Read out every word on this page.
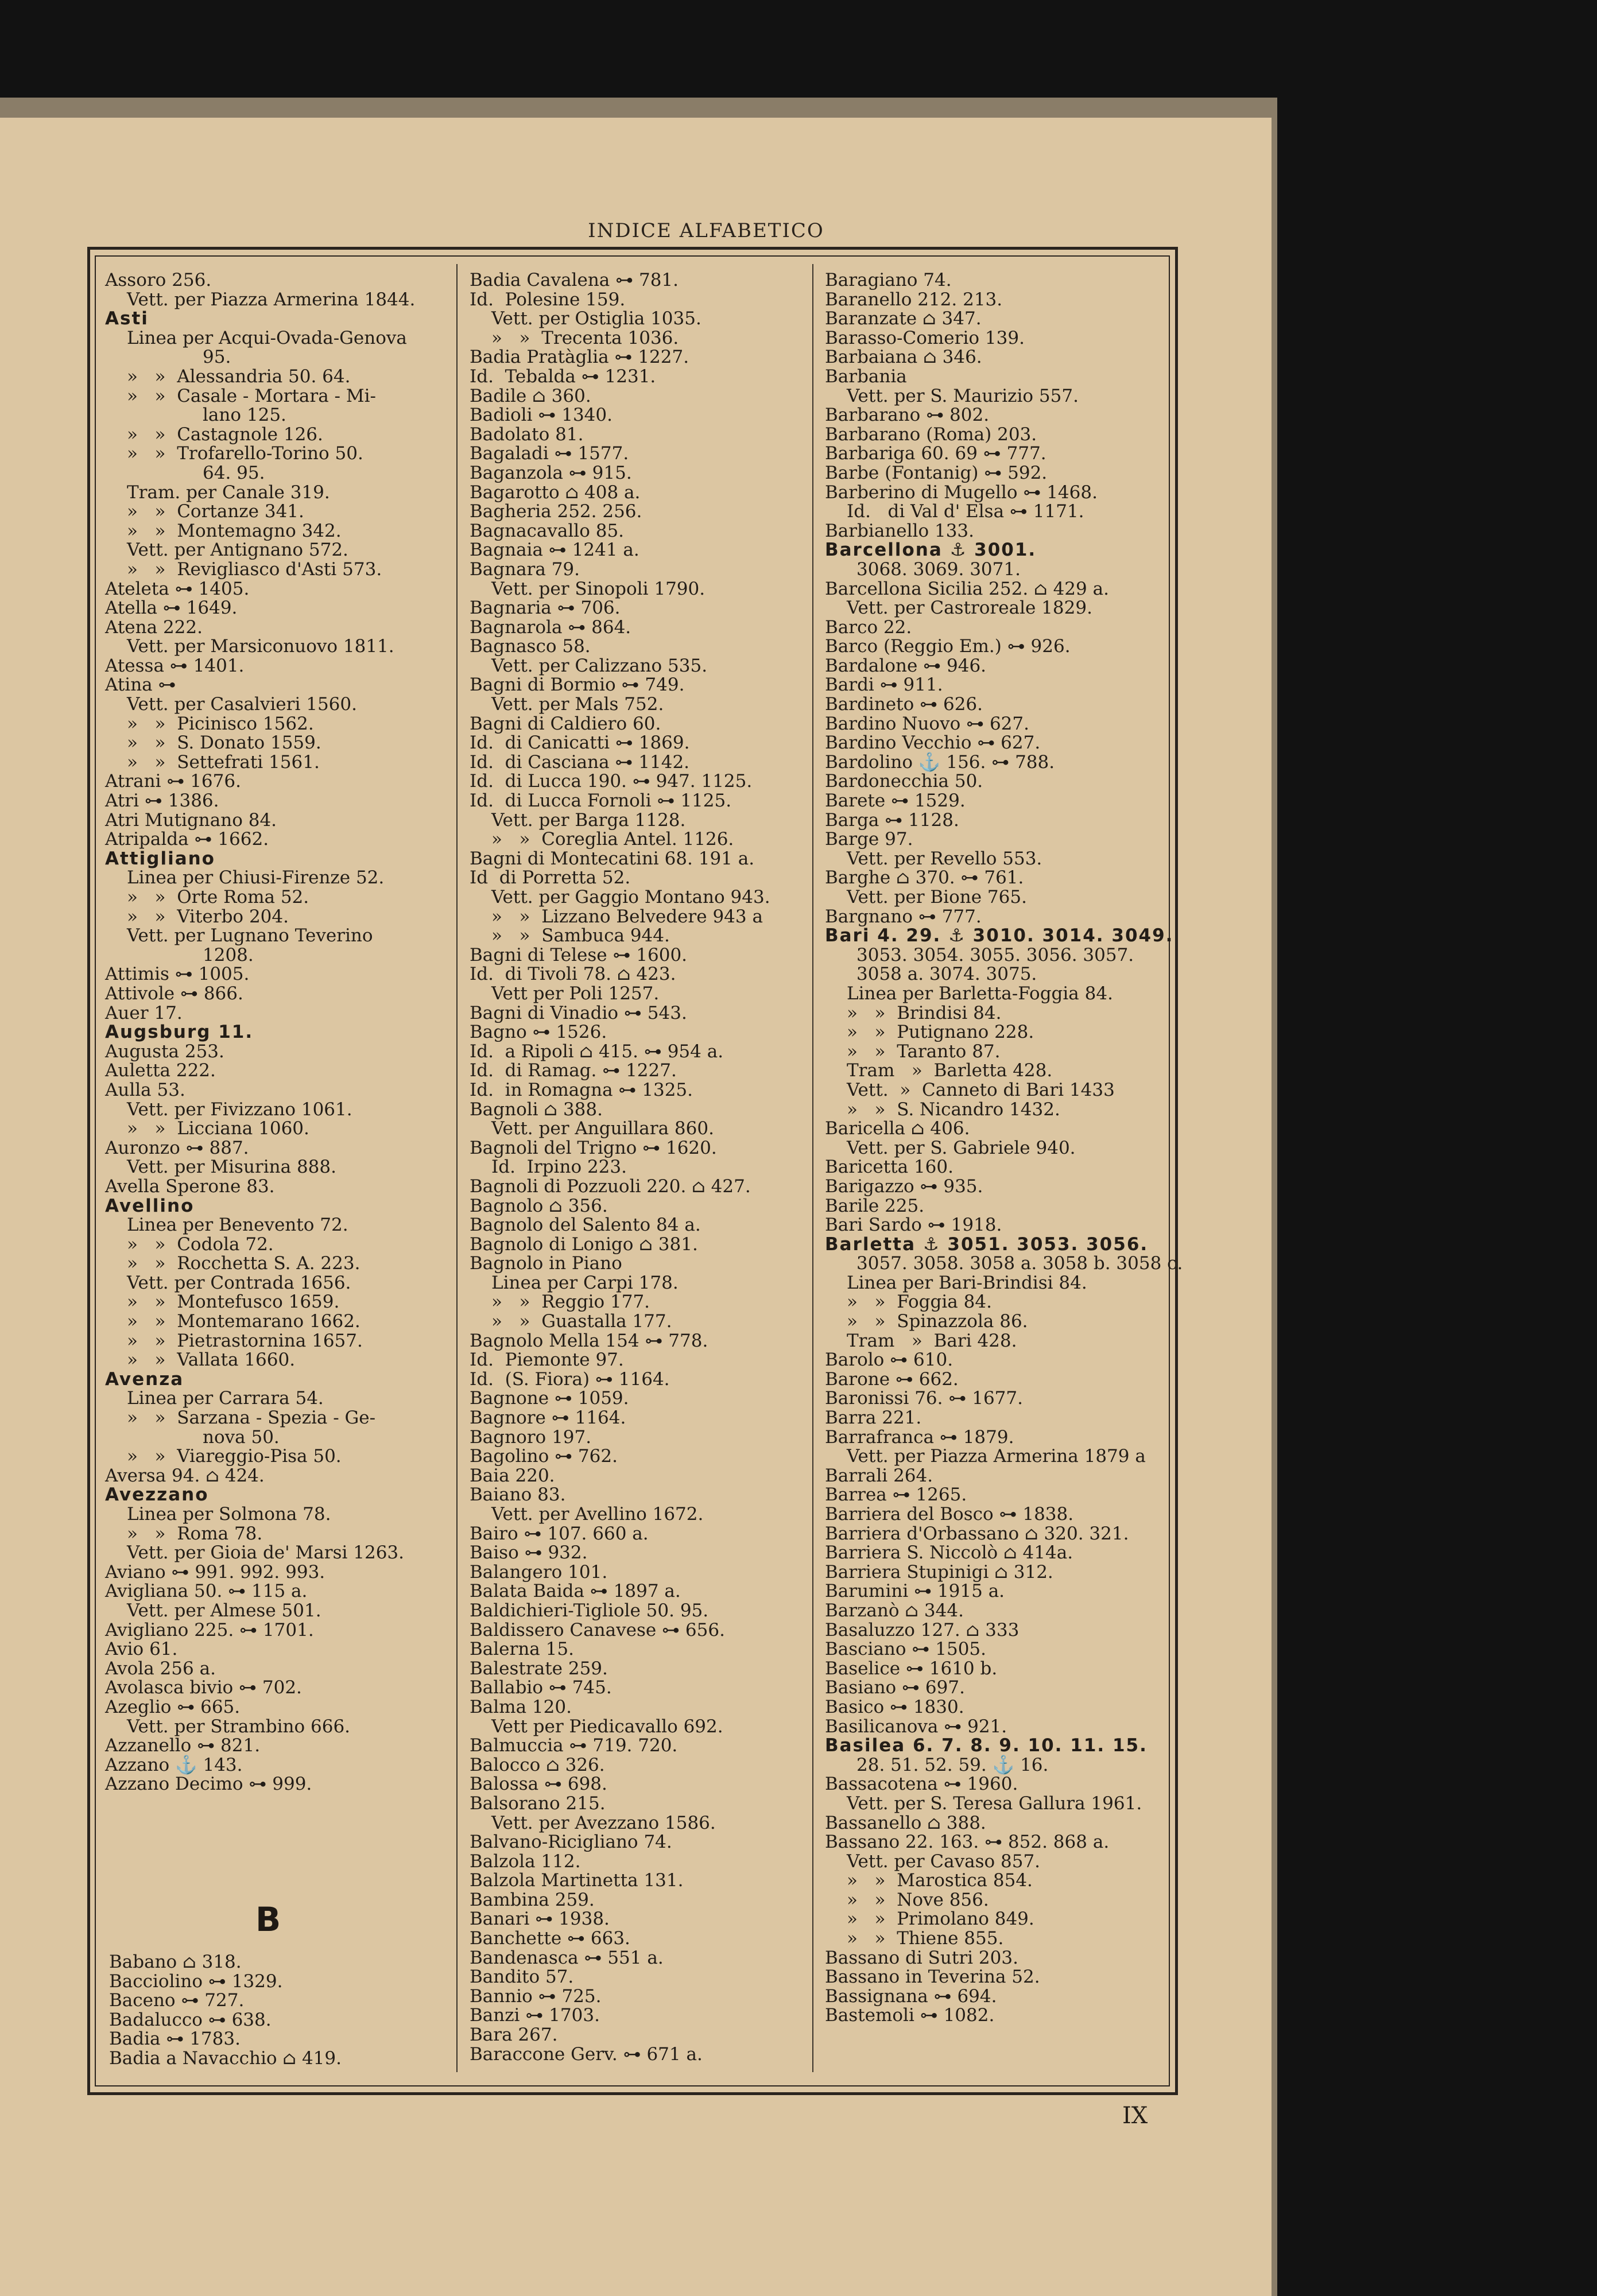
INDICE ALFABETICO
Assoro 256.
Vett. per Piazza Armerina 1844.
Asti
Linea per Acqui-Ovada-Genova
95.
»   »  Alessandria 50. 64.
»   »  Casale - Mortara - Mi-
lano 125.
»   »  Castagnole 126.
»   »  Trofarello-Torino 50.
64. 95.
Tram. per Canale 319.
»   »  Cortanze 341.
»   »  Montemagno 342.
Vett. per Antignano 572.
»   »  Revigliasco d'Asti 573.
Ateleta ⊶ 1405.
Atella ⊶ 1649.
Atena 222.
Vett. per Marsiconuovo 1811.
Atessa ⊶ 1401.
Atina ⊶
Vett. per Casalvieri 1560.
»   »  Picinisco 1562.
»   »  S. Donato 1559.
»   »  Settefrati 1561.
Atrani ⊶ 1676.
Atri ⊶ 1386.
Atri Mutignano 84.
Atripalda ⊶ 1662.
Attigliano
Linea per Chiusi-Firenze 52.
»   »  Orte Roma 52.
»   »  Viterbo 204.
Vett. per Lugnano Teverino
1208.
Attimis ⊶ 1005.
Attivole ⊶ 866.
Auer 17.
Augsburg 11.
Augusta 253.
Auletta 222.
Aulla 53.
Vett. per Fivizzano 1061.
»   »  Licciana 1060.
Auronzo ⊶ 887.
Vett. per Misurina 888.
Avella Sperone 83.
Avellino
Linea per Benevento 72.
»   »  Codola 72.
»   »  Rocchetta S. A. 223.
Vett. per Contrada 1656.
»   »  Montefusco 1659.
»   »  Montemarano 1662.
»   »  Pietrastornina 1657.
»   »  Vallata 1660.
Avenza
Linea per Carrara 54.
»   »  Sarzana - Spezia - Ge-
nova 50.
»   »  Viareggio-Pisa 50.
Aversa 94. ⌂ 424.
Avezzano
Linea per Solmona 78.
»   »  Roma 78.
Vett. per Gioia de' Marsi 1263.
Aviano ⊶ 991. 992. 993.
Avigliana 50. ⊶ 115 a.
Vett. per Almese 501.
Avigliano 225. ⊶ 1701.
Avio 61.
Avola 256 a.
Avolasca bivio ⊶ 702.
Azeglio ⊶ 665.
Vett. per Strambino 666.
Azzanello ⊶ 821.
Azzano ⚓ 143.
Azzano Decimo ⊶ 999.
B
Babano ⌂ 318.
Bacciolino ⊶ 1329.
Baceno ⊶ 727.
Badalucco ⊶ 638.
Badia ⊶ 1783.
Badia a Navacchio ⌂ 419.
Badia Cavalena ⊶ 781.
Id.  Polesine 159.
Vett. per Ostiglia 1035.
»   »  Trecenta 1036.
Badia Pratàglia ⊶ 1227.
Id.  Tebalda ⊶ 1231.
Badile ⌂ 360.
Badioli ⊶ 1340.
Badolato 81.
Bagaladi ⊶ 1577.
Baganzola ⊶ 915.
Bagarotto ⌂ 408 a.
Bagheria 252. 256.
Bagnacavallo 85.
Bagnaia ⊶ 1241 a.
Bagnara 79.
Vett. per Sinopoli 1790.
Bagnaria ⊶ 706.
Bagnarola ⊶ 864.
Bagnasco 58.
Vett. per Calizzano 535.
Bagni di Bormio ⊶ 749.
Vett. per Mals 752.
Bagni di Caldiero 60.
Id.  di Canicatti ⊶ 1869.
Id.  di Casciana ⊶ 1142.
Id.  di Lucca 190. ⊶ 947. 1125.
Id.  di Lucca Fornoli ⊶ 1125.
Vett. per Barga 1128.
»   »  Coreglia Antel. 1126.
Bagni di Montecatini 68. 191 a.
Id  di Porretta 52.
Vett. per Gaggio Montano 943.
»   »  Lizzano Belvedere 943 a
»   »  Sambuca 944.
Bagni di Telese ⊶ 1600.
Id.  di Tivoli 78. ⌂ 423.
Vett per Poli 1257.
Bagni di Vinadio ⊶ 543.
Bagno ⊶ 1526.
Id.  a Ripoli ⌂ 415. ⊶ 954 a.
Id.  di Ramag. ⊶ 1227.
Id.  in Romagna ⊶ 1325.
Bagnoli ⌂ 388.
Vett. per Anguillara 860.
Bagnoli del Trigno ⊶ 1620.
Id.  Irpino 223.
Bagnoli di Pozzuoli 220. ⌂ 427.
Bagnolo ⌂ 356.
Bagnolo del Salento 84 a.
Bagnolo di Lonigo ⌂ 381.
Bagnolo in Piano
Linea per Carpi 178.
»   »  Reggio 177.
»   »  Guastalla 177.
Bagnolo Mella 154 ⊶ 778.
Id.  Piemonte 97.
Id.  (S. Fiora) ⊶ 1164.
Bagnone ⊶ 1059.
Bagnore ⊶ 1164.
Bagnoro 197.
Bagolino ⊶ 762.
Baia 220.
Baiano 83.
Vett. per Avellino 1672.
Bairo ⊶ 107. 660 a.
Baiso ⊶ 932.
Balangero 101.
Balata Baida ⊶ 1897 a.
Baldichieri-Tigliole 50. 95.
Baldissero Canavese ⊶ 656.
Balerna 15.
Balestrate 259.
Ballabio ⊶ 745.
Balma 120.
Vett per Piedicavallo 692.
Balmuccia ⊶ 719. 720.
Balocco ⌂ 326.
Balossa ⊶ 698.
Balsorano 215.
Vett. per Avezzano 1586.
Balvano-Ricigliano 74.
Balzola 112.
Balzola Martinetta 131.
Bambina 259.
Banari ⊶ 1938.
Banchette ⊶ 663.
Bandenasca ⊶ 551 a.
Bandito 57.
Bannio ⊶ 725.
Banzi ⊶ 1703.
Bara 267.
Baraccone Gerv. ⊶ 671 a.
Baragiano 74.
Baranello 212. 213.
Baranzate ⌂ 347.
Barasso-Comerio 139.
Barbaiana ⌂ 346.
Barbania
Vett. per S. Maurizio 557.
Barbarano ⊶ 802.
Barbarano (Roma) 203.
Barbariga 60. 69 ⊶ 777.
Barbe (Fontanig) ⊶ 592.
Barberino di Mugello ⊶ 1468.
Id.   di Val d' Elsa ⊶ 1171.
Barbianello 133.
Barcellona ⚓ 3001.
3068. 3069. 3071.
Barcellona Sicilia 252. ⌂ 429 a.
Vett. per Castroreale 1829.
Barco 22.
Barco (Reggio Em.) ⊶ 926.
Bardalone ⊶ 946.
Bardi ⊶ 911.
Bardineto ⊶ 626.
Bardino Nuovo ⊶ 627.
Bardino Vecchio ⊶ 627.
Bardolino ⚓ 156. ⊶ 788.
Bardonecchia 50.
Barete ⊶ 1529.
Barga ⊶ 1128.
Barge 97.
Vett. per Revello 553.
Barghe ⌂ 370. ⊶ 761.
Vett. per Bione 765.
Bargnano ⊶ 777.
Bari 4. 29. ⚓ 3010. 3014. 3049.
3053. 3054. 3055. 3056. 3057.
3058 a. 3074. 3075.
Linea per Barletta-Foggia 84.
»   »  Brindisi 84.
»   »  Putignano 228.
»   »  Taranto 87.
Tram   »  Barletta 428.
Vett.  »  Canneto di Bari 1433
»   »  S. Nicandro 1432.
Baricella ⌂ 406.
Vett. per S. Gabriele 940.
Baricetta 160.
Barigazzo ⊶ 935.
Barile 225.
Bari Sardo ⊶ 1918.
Barletta ⚓ 3051. 3053. 3056.
3057. 3058. 3058 a. 3058 b. 3058 c.
Linea per Bari-Brindisi 84.
»   »  Foggia 84.
»   »  Spinazzola 86.
Tram   »  Bari 428.
Barolo ⊶ 610.
Barone ⊶ 662.
Baronissi 76. ⊶ 1677.
Barra 221.
Barrafranca ⊶ 1879.
Vett. per Piazza Armerina 1879 a
Barrali 264.
Barrea ⊶ 1265.
Barriera del Bosco ⊶ 1838.
Barriera d'Orbassano ⌂ 320. 321.
Barriera S. Niccolò ⌂ 414a.
Barriera Stupinigi ⌂ 312.
Barumini ⊶ 1915 a.
Barzanò ⌂ 344.
Basaluzzo 127. ⌂ 333
Basciano ⊶ 1505.
Baselice ⊶ 1610 b.
Basiano ⊶ 697.
Basico ⊶ 1830.
Basilicanova ⊶ 921.
Basilea 6. 7. 8. 9. 10. 11. 15.
28. 51. 52. 59. ⚓ 16.
Bassacotena ⊶ 1960.
Vett. per S. Teresa Gallura 1961.
Bassanello ⌂ 388.
Bassano 22. 163. ⊶ 852. 868 a.
Vett. per Cavaso 857.
»   »  Marostica 854.
»   »  Nove 856.
»   »  Primolano 849.
»   »  Thiene 855.
Bassano di Sutri 203.
Bassano in Teverina 52.
Bassignana ⊶ 694.
Bastemoli ⊶ 1082.
IX
